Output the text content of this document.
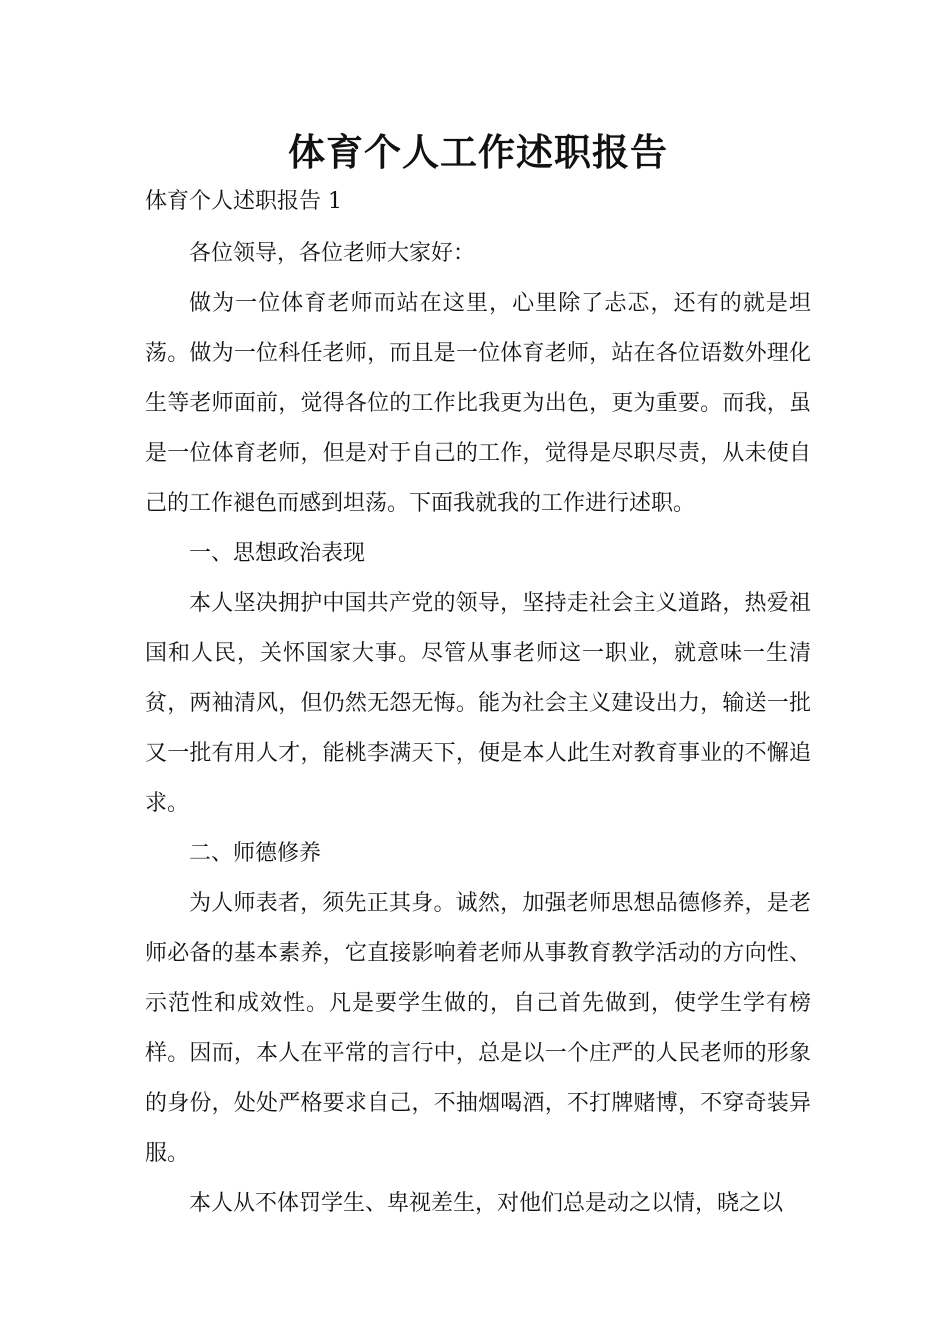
体育个人工作述职报告

体育个人述职报告 1

各位领导，各位老师大家好：

做为一位体育老师而站在这里，心里除了忐忑，还有的就是坦荡。做为一位科任老师，而且是一位体育老师，站在各位语数外理化生等老师面前，觉得各位的工作比我更为出色，更为重要。而我，虽是一位体育老师，但是对于自己的工作，觉得是尽职尽责，从未使自己的工作褪色而感到坦荡。下面我就我的工作进行述职。

一、思想政治表现

本人坚决拥护中国共产党的领导，坚持走社会主义道路，热爱祖国和人民，关怀国家大事。尽管从事老师这一职业，就意味一生清贫，两袖清风，但仍然无怨无悔。能为社会主义建设出力，输送一批又一批有用人才，能桃李满天下，便是本人此生对教育事业的不懈追求。

二、师德修养

为人师表者，须先正其身。诚然，加强老师思想品德修养，是老师必备的基本素养，它直接影响着老师从事教育教学活动的方向性、示范性和成效性。凡是要学生做的，自己首先做到，使学生学有榜样。因而，本人在平常的言行中，总是以一个庄严的人民老师的形象的身份，处处严格要求自己，不抽烟喝酒，不打牌赌博，不穿奇装异服。

本人从不体罚学生、卑视差生，对他们总是动之以情，晓之以
